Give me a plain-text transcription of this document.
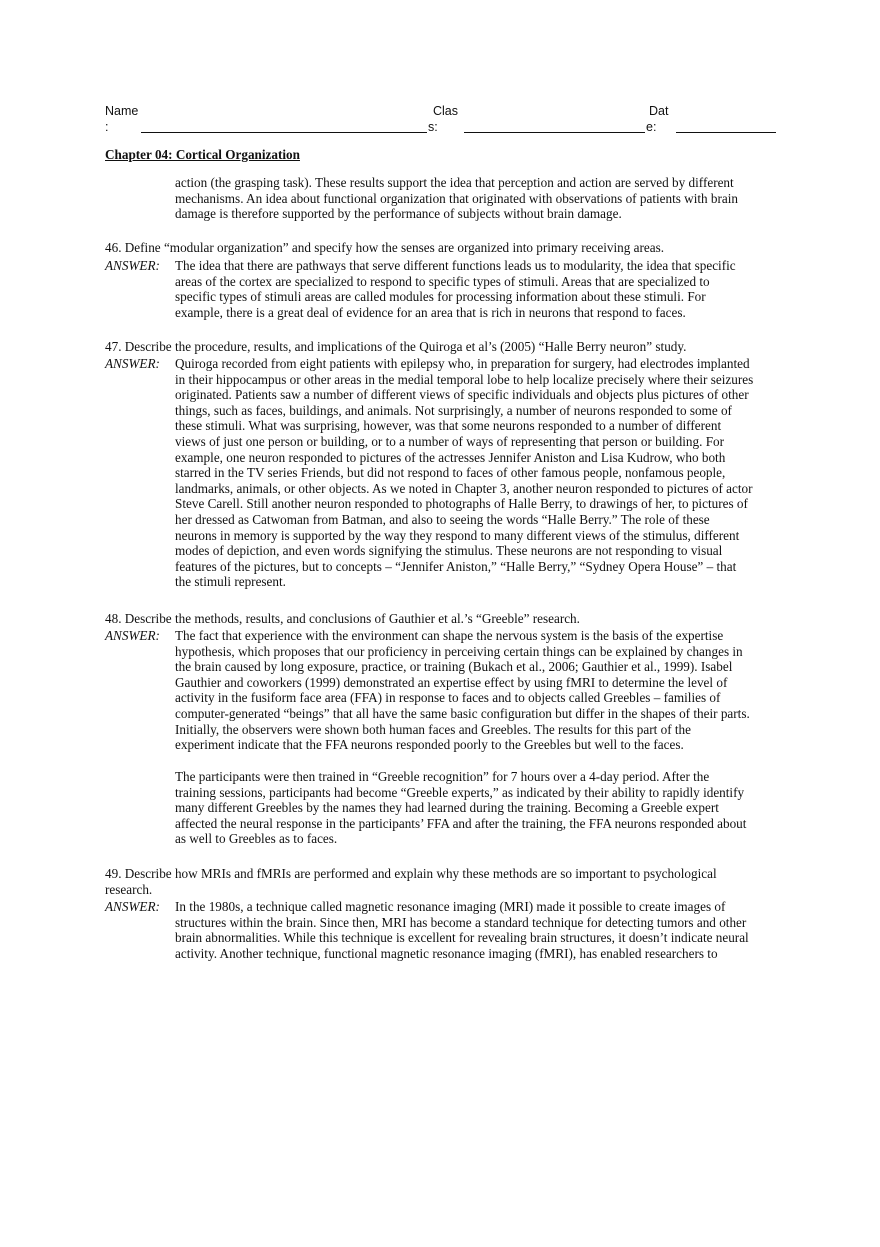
Name
:
Clas
s:
Dat
e:
Chapter 04: Cortical Organization
action (the grasping task). These results support the idea that perception and action are served by different
mechanisms. An idea about functional organization that originated with observations of patients with brain
damage is therefore supported by the performance of subjects without brain damage.
46. Define “modular organization” and specify how the senses are organized into primary receiving areas.
ANSWER: The idea that there are pathways that serve different functions leads us to modularity, the idea that specific
areas of the cortex are specialized to respond to specific types of stimuli. Areas that are specialized to
specific types of stimuli areas are called modules for processing information about these stimuli. For
example, there is a great deal of evidence for an area that is rich in neurons that respond to faces.
47. Describe the procedure, results, and implications of the Quiroga et al’s (2005) “Halle Berry neuron” study.
ANSWER: Quiroga recorded from eight patients with epilepsy who, in preparation for surgery, had electrodes implanted
in their hippocampus or other areas in the medial temporal lobe to help localize precisely where their seizures
originated. Patients saw a number of different views of specific individuals and objects plus pictures of other
things, such as faces, buildings, and animals. Not surprisingly, a number of neurons responded to some of
these stimuli. What was surprising, however, was that some neurons responded to a number of different
views of just one person or building, or to a number of ways of representing that person or building. For
example, one neuron responded to pictures of the actresses Jennifer Aniston and Lisa Kudrow, who both
starred in the TV series Friends, but did not respond to faces of other famous people, nonfamous people,
landmarks, animals, or other objects. As we noted in Chapter 3, another neuron responded to pictures of actor
Steve Carell. Still another neuron responded to photographs of Halle Berry, to drawings of her, to pictures of
her dressed as Catwoman from Batman, and also to seeing the words “Halle Berry.” The role of these
neurons in memory is supported by the way they respond to many different views of the stimulus, different
modes of depiction, and even words signifying the stimulus. These neurons are not responding to visual
features of the pictures, but to concepts – “Jennifer Aniston,” “Halle Berry,” “Sydney Opera House” – that
the stimuli represent.
48. Describe the methods, results, and conclusions of Gauthier et al.’s “Greeble” research.
ANSWER: The fact that experience with the environment can shape the nervous system is the basis of the expertise
hypothesis, which proposes that our proficiency in perceiving certain things can be explained by changes in
the brain caused by long exposure, practice, or training (Bukach et al., 2006; Gauthier et al., 1999). Isabel
Gauthier and coworkers (1999) demonstrated an expertise effect by using fMRI to determine the level of
activity in the fusiform face area (FFA) in response to faces and to objects called Greebles – families of
computer-generated “beings” that all have the same basic configuration but differ in the shapes of their parts.
Initially, the observers were shown both human faces and Greebles. The results for this part of the
experiment indicate that the FFA neurons responded poorly to the Greebles but well to the faces.
The participants were then trained in “Greeble recognition” for 7 hours over a 4-day period. After the
training sessions, participants had become “Greeble experts,” as indicated by their ability to rapidly identify
many different Greebles by the names they had learned during the training. Becoming a Greeble expert
affected the neural response in the participants’ FFA and after the training, the FFA neurons responded about
as well to Greebles as to faces.
49. Describe how MRIs and fMRIs are performed and explain why these methods are so important to psychological
research.
ANSWER: In the 1980s, a technique called magnetic resonance imaging (MRI) made it possible to create images of
structures within the brain. Since then, MRI has become a standard technique for detecting tumors and other
brain abnormalities. While this technique is excellent for revealing brain structures, it doesn’t indicate neural
activity. Another technique, functional magnetic resonance imaging (fMRI), has enabled researchers to
